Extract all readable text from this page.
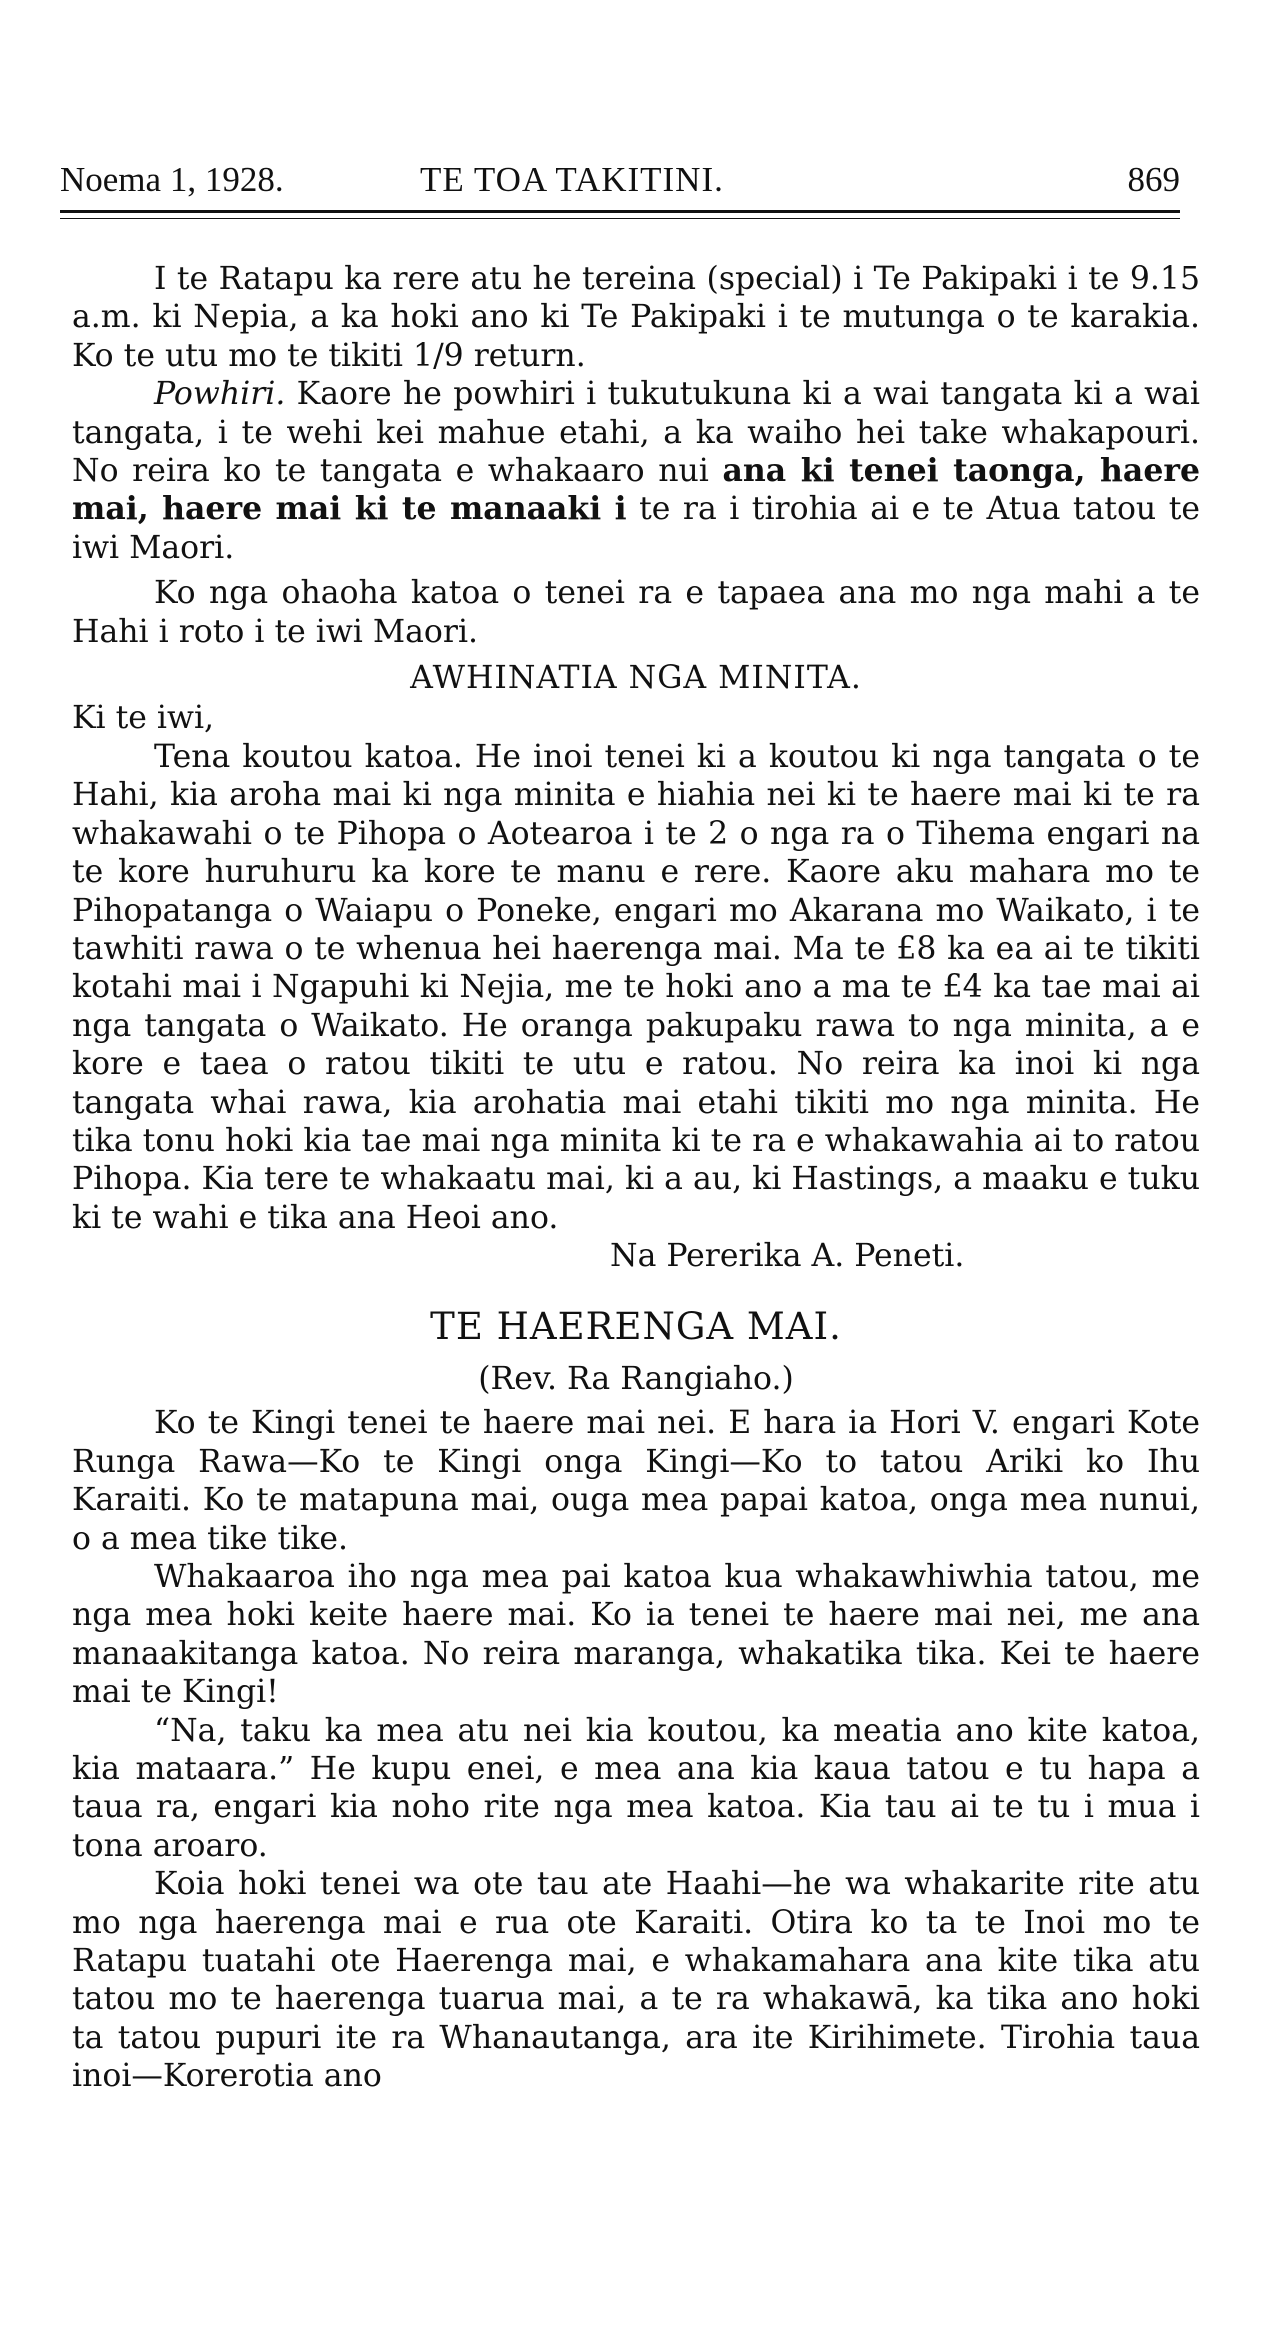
Noema 1, 1928.	TE TOA TAKITINI.	869

I te Ratapu ka rere atu he tereina (special) i Te Pakipaki i te 9.15 a.m. ki Nepia, a ka hoki ano ki Te Pakipaki i te mutunga o te karakia. Ko te utu mo te tikiti 1/9 return.

Powhiri. Kaore he powhiri i tukutukuna ki a wai tangata ki a wai tangata, i te wehi kei mahue etahi, a ka waiho hei take whakapouri. No reira ko te tangata e whakaaro nui ana ki tenei taonga, haere mai, haere mai ki te manaaki i te ra i tirohia ai e te Atua tatou te iwi Maori.

Ko nga ohaoha katoa o tenei ra e tapaea ana mo nga mahi a te Hahi i roto i te iwi Maori.

AWHINATIA NGA MINITA.

Ki te iwi,

Tena koutou katoa. He inoi tenei ki a koutou ki nga tangata o te Hahi, kia aroha mai ki nga minita e hiahia nei ki te haere mai ki te ra whakawahi o te Pihopa o Aotearoa i te 2 o nga ra o Tihema engari na te kore huruhuru ka kore te manu e rere. Kaore aku mahara mo te Pihopatanga o Waiapu o Poneke, engari mo Akarana mo Waikato, i te tawhiti rawa o te whenua hei haerenga mai. Ma te £8 ka ea ai te tikiti kotahi mai i Ngapuhi ki Nejia, me te hoki ano a ma te £4 ka tae mai ai nga tangata o Waikato. He oranga pakupaku rawa to nga minita, a e kore e taea o ratou tikiti te utu e ratou. No reira ka inoi ki nga tangata whai rawa, kia arohatia mai etahi tikiti mo nga minita. He tika tonu hoki kia tae mai nga minita ki te ra e whakawahia ai to ratou Pihopa. Kia tere te whakaatu mai, ki a au, ki Hastings, a maaku e tuku ki te wahi e tika ana Heoi ano.

Na Pererika A. Peneti.

TE HAERENGA MAI.
(Rev. Ra Rangiaho.)

Ko te Kingi tenei te haere mai nei. E hara ia Hori V. engari Kote Runga Rawa—Ko te Kingi onga Kingi—Ko to tatou Ariki ko Ihu Karaiti. Ko te matapuna mai, ouga mea papai katoa, onga mea nunui, o a mea tike tike.

Whakaaroa iho nga mea pai katoa kua whakawhiwhia tatou, me nga mea hoki keite haere mai. Ko ia tenei te haere mai nei, me ana manaakitanga katoa. No reira maranga, whakatika tika. Kei te haere mai te Kingi!

“Na, taku ka mea atu nei kia koutou, ka meatia ano kite katoa, kia mataara.” He kupu enei, e mea ana kia kaua tatou e tu hapa a taua ra, engari kia noho rite nga mea katoa. Kia tau ai te tu i mua i tona aroaro.

Koia hoki tenei wa ote tau ate Haahi—he wa whakarite rite atu mo nga haerenga mai e rua ote Karaiti. Otira ko ta te Inoi mo te Ratapu tuatahi ote Haerenga mai, e whakamahara ana kite tika atu tatou mo te haerenga tuarua mai, a te ra whakawā, ka tika ano hoki ta tatou pupuri ite ra Whanautanga, ara ite Kirihimete. Tirohia taua inoi—Korerotia ano
